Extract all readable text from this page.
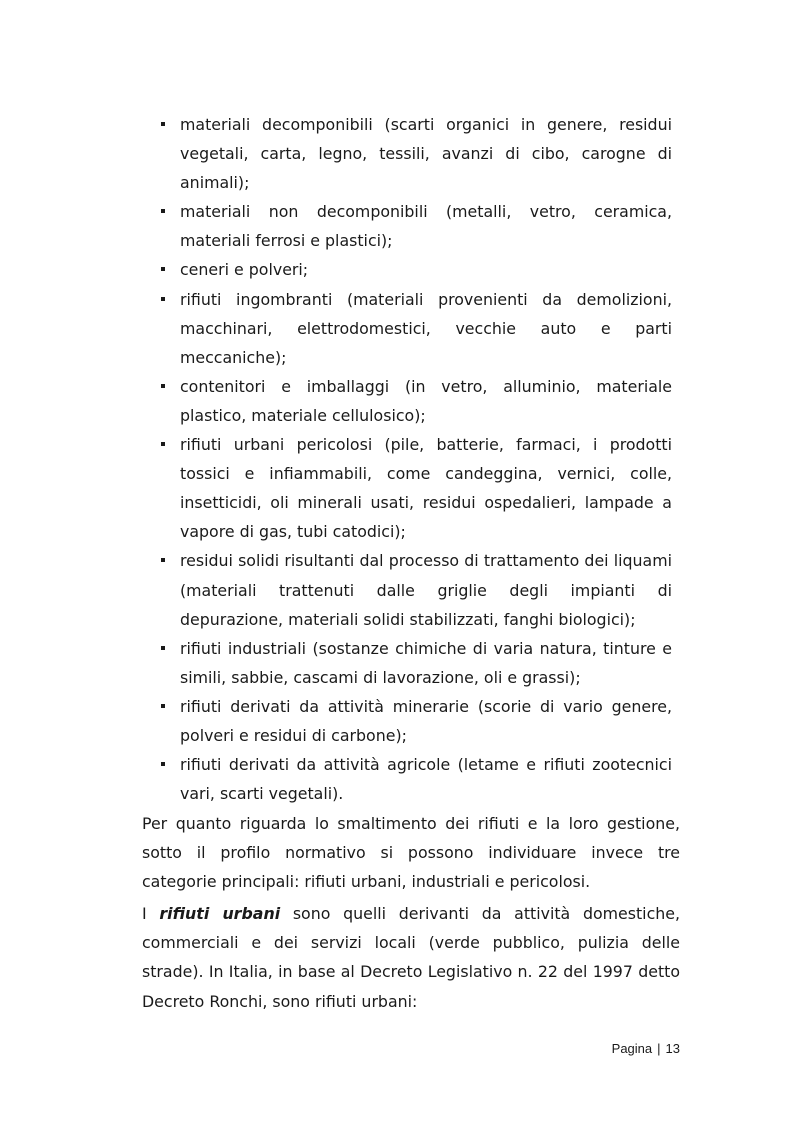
materiali decomponibili (scarti organici in genere, residui vegetali, carta, legno, tessili, avanzi di cibo, carogne di animali);
materiali non decomponibili (metalli, vetro, ceramica, materiali ferrosi e plastici);
ceneri e polveri;
rifiuti ingombranti (materiali provenienti da demolizioni, macchinari, elettrodomestici, vecchie auto e parti meccaniche);
contenitori e imballaggi (in vetro, alluminio, materiale plastico, materiale cellulosico);
rifiuti urbani pericolosi (pile, batterie, farmaci, i prodotti tossici e infiammabili, come candeggina, vernici, colle, insetticidi, oli minerali usati, residui ospedalieri, lampade a vapore di gas, tubi catodici);
residui solidi risultanti dal processo di trattamento dei liquami (materiali trattenuti dalle griglie degli impianti di depurazione, materiali solidi stabilizzati, fanghi biologici);
rifiuti industriali (sostanze chimiche di varia natura, tinture e simili, sabbie, cascami di lavorazione, oli e grassi);
rifiuti derivati da attività minerarie (scorie di vario genere, polveri e residui di carbone);
rifiuti derivati da attività agricole (letame e rifiuti zootecnici vari, scarti vegetali).

Per quanto riguarda lo smaltimento dei rifiuti e la loro gestione, sotto il profilo normativo si possono individuare invece tre categorie principali: rifiuti urbani, industriali e pericolosi.

I rifiuti urbani sono quelli derivanti da attività domestiche, commerciali e dei servizi locali (verde pubblico, pulizia delle strade). In Italia, in base al Decreto Legislativo n. 22 del 1997 detto Decreto Ronchi, sono rifiuti urbani:

Pagina | 13
